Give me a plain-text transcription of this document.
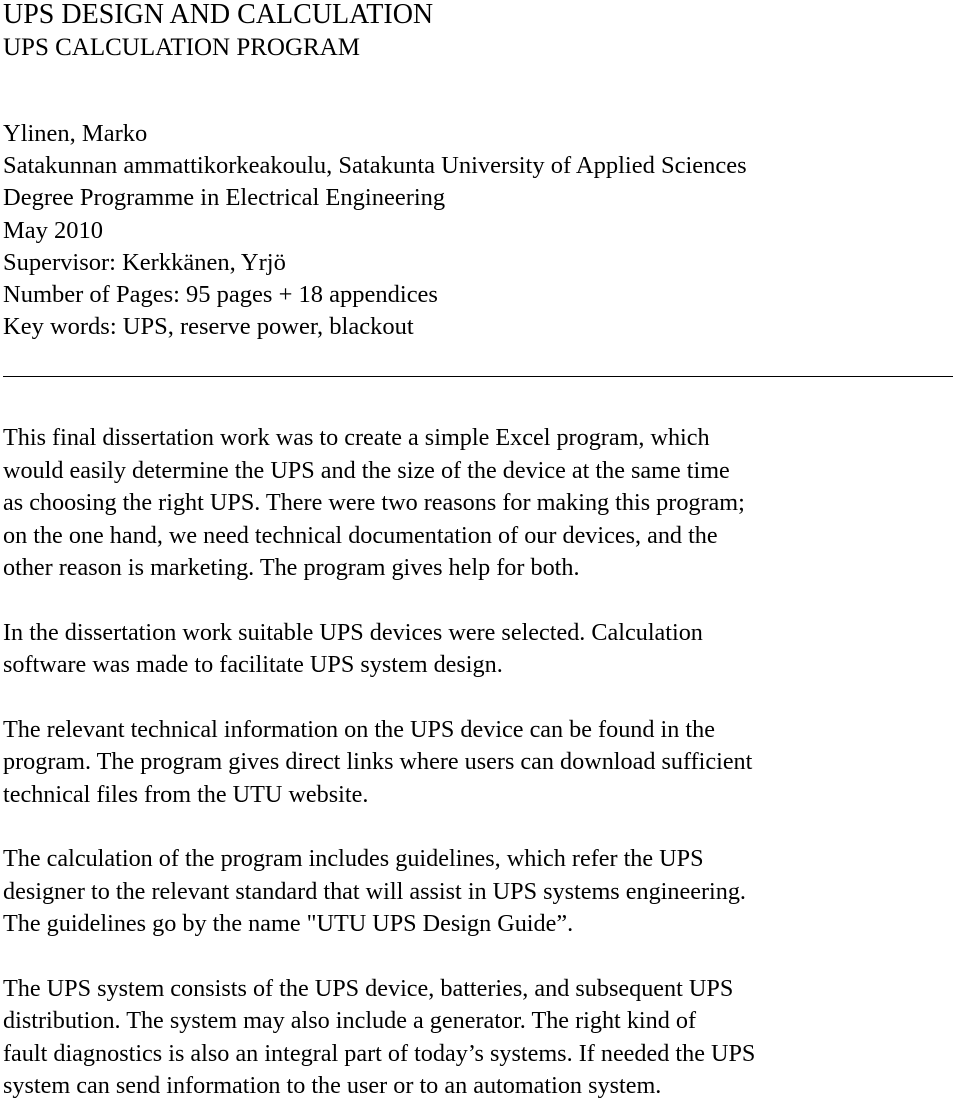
UPS DESIGN AND CALCULATION
UPS CALCULATION PROGRAM
Ylinen, Marko
Satakunnan ammattikorkeakoulu, Satakunta University of Applied Sciences
Degree Programme in Electrical Engineering
May 2010
Supervisor: Kerkkänen, Yrjö
Number of Pages: 95 pages + 18 appendices
Key words: UPS, reserve power, blackout

This final dissertation work was to create a simple Excel program, which
would easily determine the UPS and the size of the device at the same time
as choosing the right UPS. There were two reasons for making this program;
on the one hand, we need technical documentation of our devices, and the
other reason is marketing. The program gives help for both.

In the dissertation work suitable UPS devices were selected. Calculation
software was made to facilitate UPS system design.

The relevant technical information on the UPS device can be found in the
program. The program gives direct links where users can download sufficient
technical files from the UTU website.

The calculation of the program includes guidelines, which refer the UPS
designer to the relevant standard that will assist in UPS systems engineering.
The guidelines go by the name "UTU UPS Design Guide”.

The UPS system consists of the UPS device, batteries, and subsequent UPS
distribution. The system may also include a generator. The right kind of
fault diagnostics is also an integral part of today’s systems. If needed the UPS
system can send information to the user or to an automation system.
